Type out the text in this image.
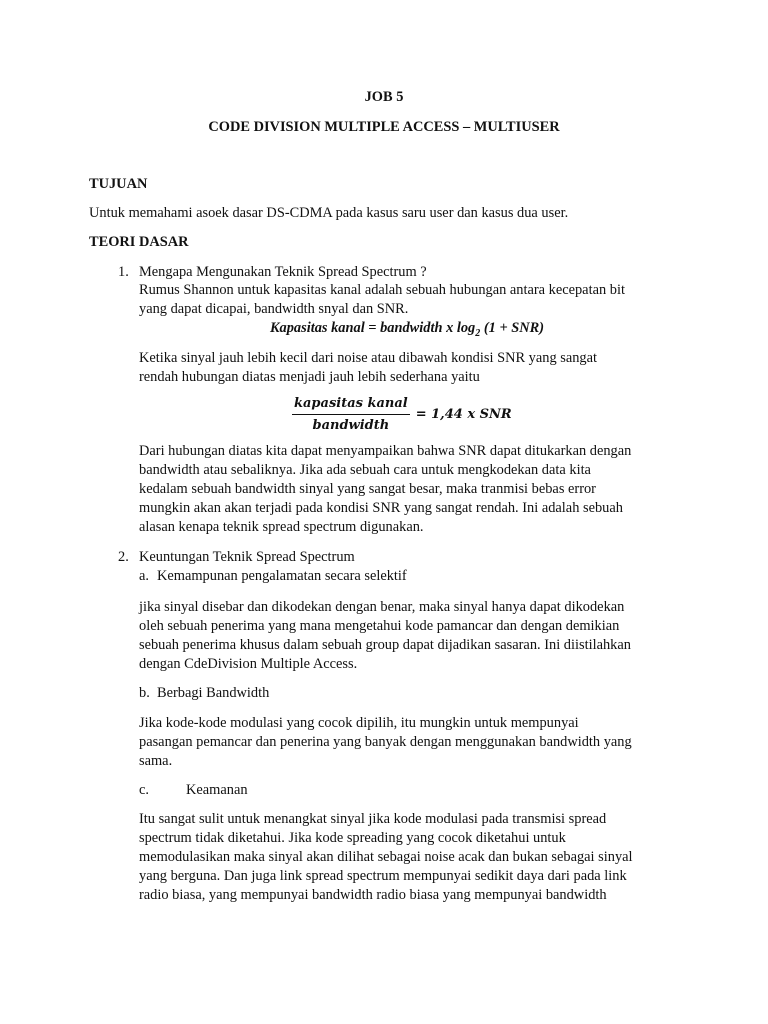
JOB 5
CODE DIVISION MULTIPLE ACCESS – MULTIUSER
TUJUAN
Untuk memahami asoek dasar DS-CDMA pada kasus saru user dan kasus dua user.
TEORI DASAR
1. Mengapa Mengunakan Teknik Spread Spectrum ?
Rumus Shannon untuk kapasitas kanal adalah sebuah hubungan antara kecepatan bit
yang dapat dicapai, bandwidth snyal dan SNR.
Kapasitas kanal = bandwidth x $\log_2 (1 + SNR)$
Ketika sinyal jauh lebih kecil dari noise atau dibawah kondisi SNR yang sangat
rendah hubungan diatas menjadi jauh lebih sederhana yaitu
$\frac{\text{kapasitas kanal}}{\text{bandwidth}} = 1,44$ x SNR
Dari hubungan diatas kita dapat menyampaikan bahwa SNR dapat ditukarkan dengan
bandwidth atau sebaliknya. Jika ada sebuah cara untuk mengkodekan data kita
kedalam sebuah bandwidth sinyal yang sangat besar, maka tranmisi bebas error
mungkin akan akan terjadi pada kondisi SNR yang sangat rendah. Ini adalah sebuah
alasan kenapa teknik spread spectrum digunakan.
2. Keuntungan Teknik Spread Spectrum
a. Kemampunan pengalamatan secara selektif
jika sinyal disebar dan dikodekan dengan benar, maka sinyal hanya dapat dikodekan
oleh sebuah penerima yang mana mengetahui kode pamancar dan dengan demikian
sebuah penerima khusus dalam sebuah group dapat dijadikan sasaran. Ini diistilahkan
dengan CdeDivision Multiple Access.
b. Berbagi Bandwidth
Jika kode-kode modulasi yang cocok dipilih, itu mungkin untuk mempunyai
pasangan pemancar dan penerina yang banyak dengan menggunakan bandwidth yang
sama.
c.	Keamanan
Itu sangat sulit untuk menangkat sinyal jika kode modulasi pada transmisi spread
spectrum tidak diketahui. Jika kode spreading yang cocok diketahui untuk
memodulasikan maka sinyal akan dilihat sebagai noise acak dan bukan sebagai sinyal
yang berguna. Dan juga link spread spectrum mempunyai sedikit daya dari pada link
radio biasa, yang mempunyai bandwidth radio biasa yang mempunyai bandwidth
